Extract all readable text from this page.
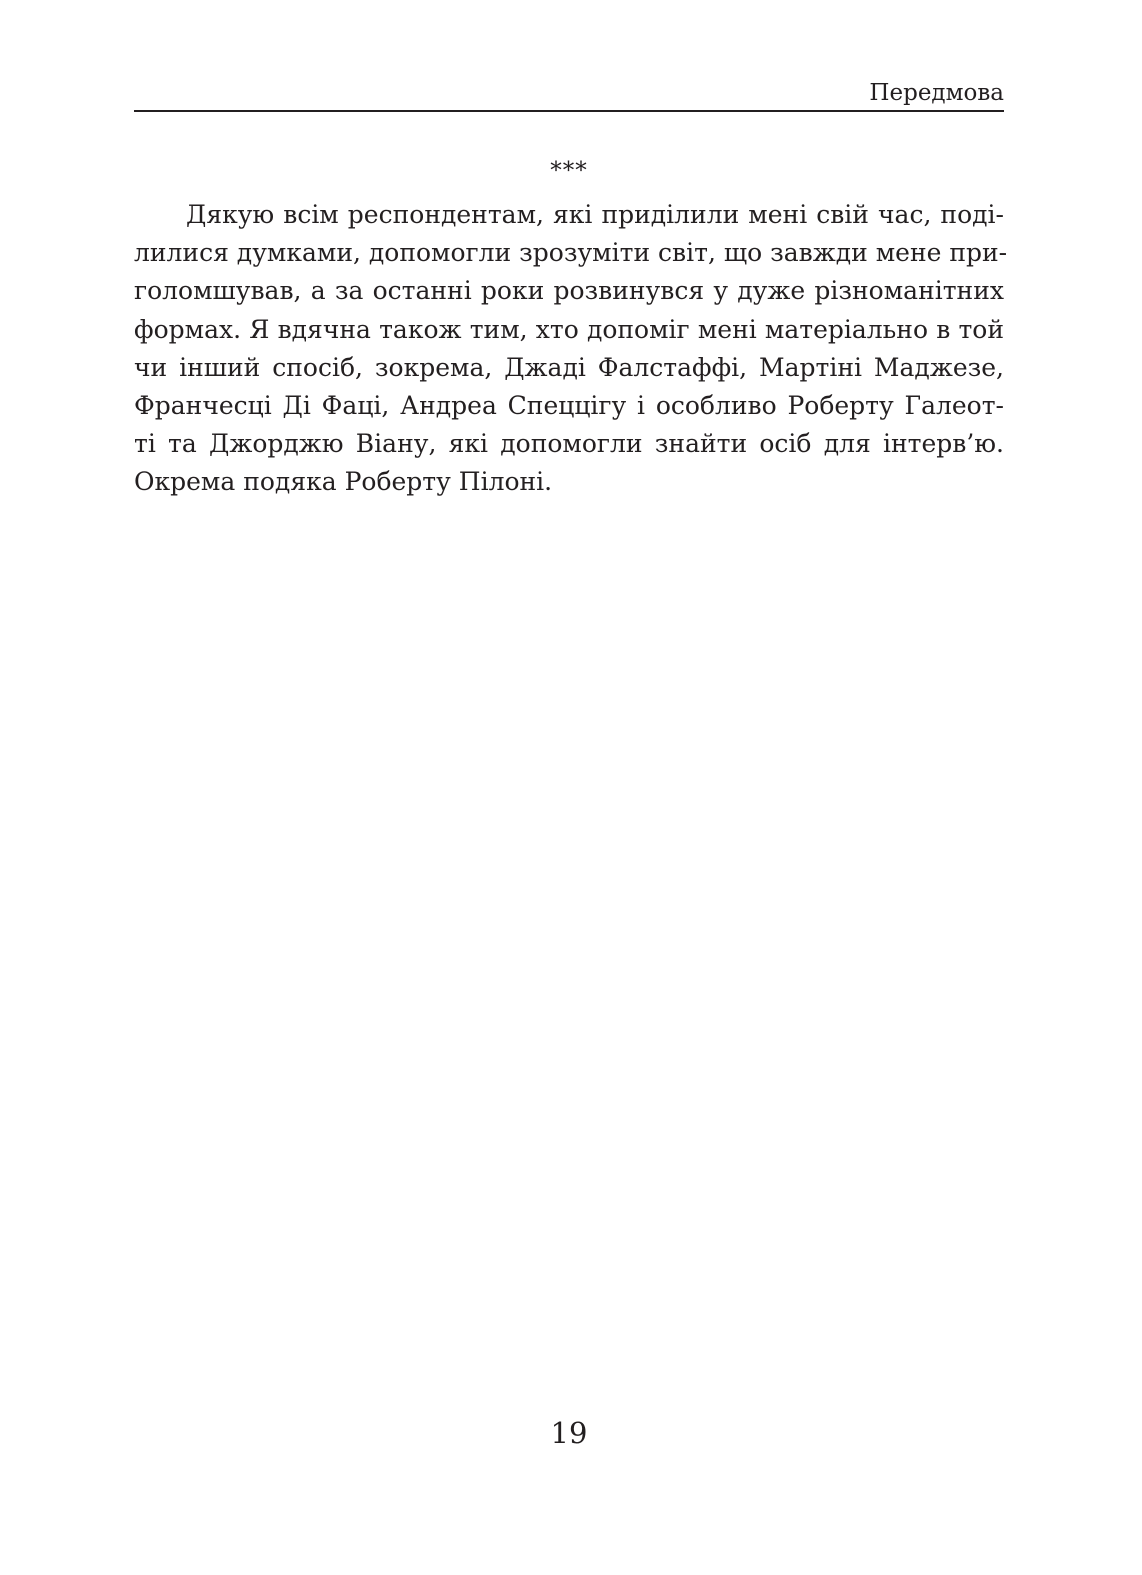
Передмова
***
Дякую всім респондентам, які приділили мені свій час, поді-
лилися думками, допомогли зрозуміти світ, що завжди мене при-
голомшував, а за останні роки розвинувся у дуже різноманітних
формах. Я вдячна також тим, хто допоміг мені матеріально в той
чи інший спосіб, зокрема, Джаді Фалстаффі, Мартіні Маджезе,
Франчесці Ді Фаці, Андреа Спеццігу і особливо Роберту Галеот-
ті та Джорджю Віану, які допомогли знайти осіб для інтерв’ю.
Окрема подяка Роберту Пілоні.
19
